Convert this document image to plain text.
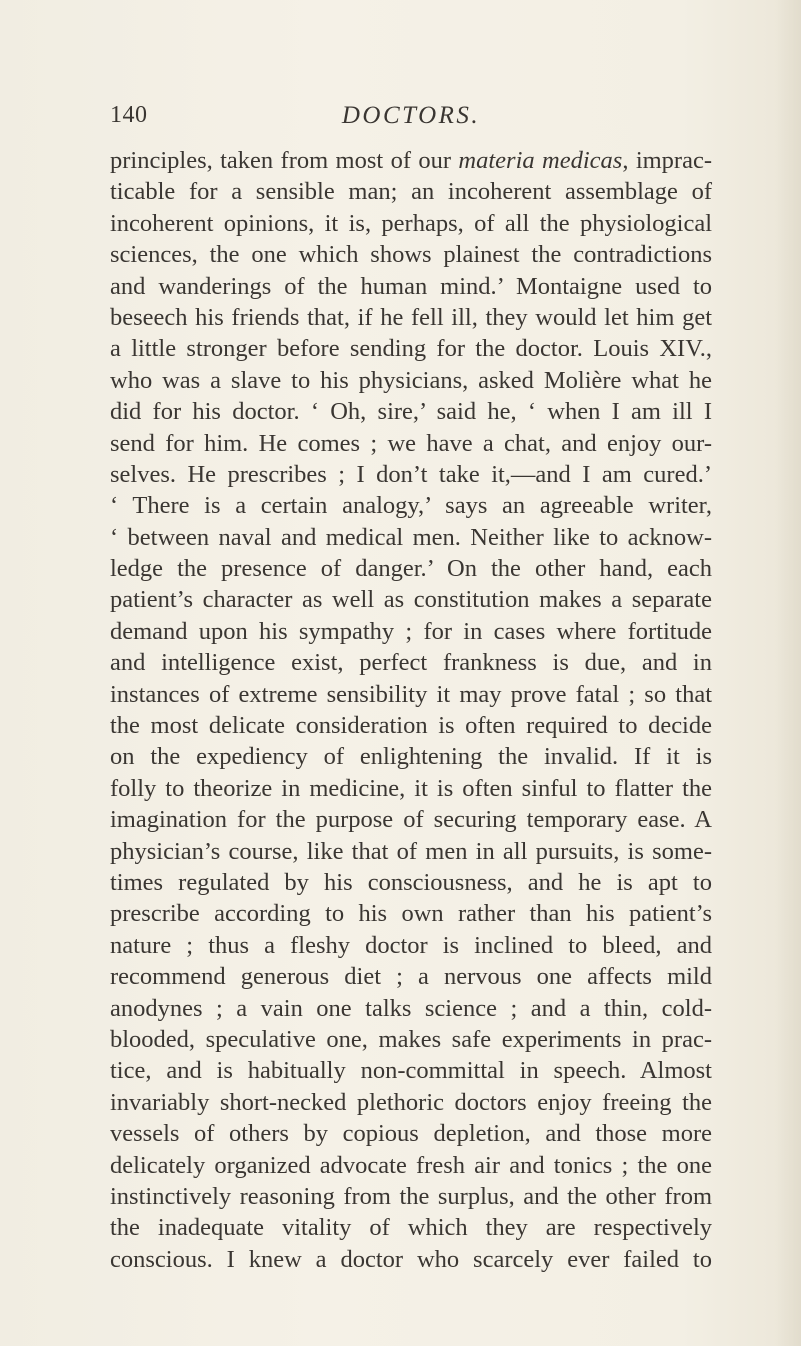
140	DOCTORS.
principles, taken from most of our materia medicas, imprac-
ticable for a sensible man; an incoherent assemblage of
incoherent opinions, it is, perhaps, of all the physiological
sciences, the one which shows plainest the contradictions
and wanderings of the human mind.’ Montaigne used to
beseech his friends that, if he fell ill, they would let him get
a little stronger before sending for the doctor. Louis XIV.,
who was a slave to his physicians, asked Molière what he
did for his doctor. ‘ Oh, sire,’ said he, ‘ when I am ill I
send for him. He comes ; we have a chat, and enjoy our-
selves. He prescribes ; I don’t take it,—and I am cured.’
‘ There is a certain analogy,’ says an agreeable writer,
‘ between naval and medical men. Neither like to acknow-
ledge the presence of danger.’ On the other hand, each
patient’s character as well as constitution makes a separate
demand upon his sympathy ; for in cases where fortitude
and intelligence exist, perfect frankness is due, and in
instances of extreme sensibility it may prove fatal ; so that
the most delicate consideration is often required to decide
on the expediency of enlightening the invalid. If it is
folly to theorize in medicine, it is often sinful to flatter the
imagination for the purpose of securing temporary ease. A
physician’s course, like that of men in all pursuits, is some-
times regulated by his consciousness, and he is apt to
prescribe according to his own rather than his patient’s
nature ; thus a fleshy doctor is inclined to bleed, and
recommend generous diet ; a nervous one affects mild
anodynes ; a vain one talks science ; and a thin, cold-
blooded, speculative one, makes safe experiments in prac-
tice, and is habitually non-committal in speech. Almost
invariably short-necked plethoric doctors enjoy freeing the
vessels of others by copious depletion, and those more
delicately organized advocate fresh air and tonics ; the one
instinctively reasoning from the surplus, and the other from
the inadequate vitality of which they are respectively
conscious. I knew a doctor who scarcely ever failed to
